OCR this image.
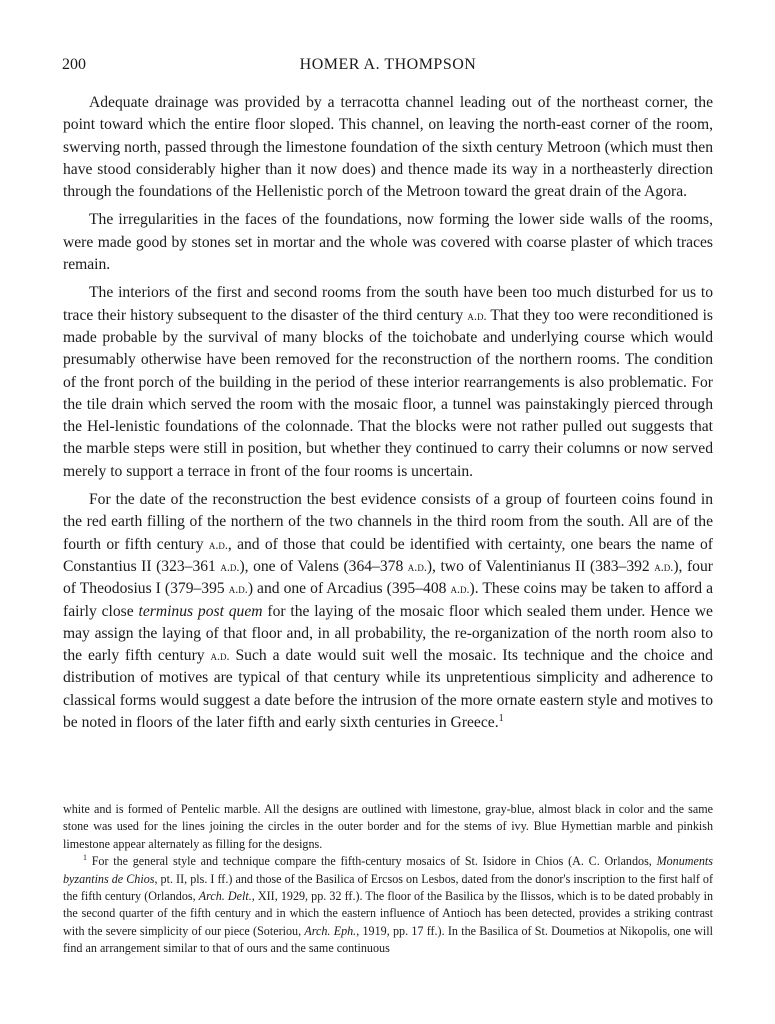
200	HOMER A. THOMPSON

Adequate drainage was provided by a terracotta channel leading out of the northeast corner, the point toward which the entire floor sloped. This channel, on leaving the north-east corner of the room, swerving north, passed through the limestone foundation of the sixth century Metroon (which must then have stood considerably higher than it now does) and thence made its way in a northeasterly direction through the foundations of the Hellenistic porch of the Metroon toward the great drain of the Agora.

The irregularities in the faces of the foundations, now forming the lower side walls of the rooms, were made good by stones set in mortar and the whole was covered with coarse plaster of which traces remain.

The interiors of the first and second rooms from the south have been too much disturbed for us to trace their history subsequent to the disaster of the third century a.d. That they too were reconditioned is made probable by the survival of many blocks of the toichobate and underlying course which would presumably otherwise have been removed for the reconstruction of the northern rooms. The condition of the front porch of the building in the period of these interior rearrangements is also problematic. For the tile drain which served the room with the mosaic floor, a tunnel was painstakingly pierced through the Hel-lenistic foundations of the colonnade. That the blocks were not rather pulled out suggests that the marble steps were still in position, but whether they continued to carry their columns or now served merely to support a terrace in front of the four rooms is uncertain.

For the date of the reconstruction the best evidence consists of a group of fourteen coins found in the red earth filling of the northern of the two channels in the third room from the south. All are of the fourth or fifth century a.d., and of those that could be identified with certainty, one bears the name of Constantius II (323–361 a.d.), one of Valens (364–378 a.d.), two of Valentinianus II (383–392 a.d.), four of Theodosius I (379–395 a.d.) and one of Arcadius (395–408 a.d.). These coins may be taken to afford a fairly close terminus post quem for the laying of the mosaic floor which sealed them under. Hence we may assign the laying of that floor and, in all probability, the re-organization of the north room also to the early fifth century a.d. Such a date would suit well the mosaic. Its technique and the choice and distribution of motives are typical of that century while its unpretentious simplicity and adherence to classical forms would suggest a date before the intrusion of the more ornate eastern style and motives to be noted in floors of the later fifth and early sixth centuries in Greece.$^1$

white and is formed of Pentelic marble. All the designs are outlined with limestone, gray-blue, almost black in color and the same stone was used for the lines joining the circles in the outer border and for the stems of ivy. Blue Hymettian marble and pinkish limestone appear alternately as filling for the designs.

$^1$ For the general style and technique compare the fifth-century mosaics of St. Isidore in Chios (A. C. Orlandos, Monuments byzantins de Chios, pt. II, pls. I ff.) and those of the Basilica of Ercsos on Lesbos, dated from the donor's inscription to the first half of the fifth century (Orlandos, Arch. Delt., XII, 1929, pp. 32 ff.). The floor of the Basilica by the Ilissos, which is to be dated probably in the second quarter of the fifth century and in which the eastern influence of Antioch has been detected, provides a striking contrast with the severe simplicity of our piece (Soteriou, Arch. Eph., 1919, pp. 17 ff.). In the Basilica of St. Doumetios at Nikopolis, one will find an arrangement similar to that of ours and the same continuous
